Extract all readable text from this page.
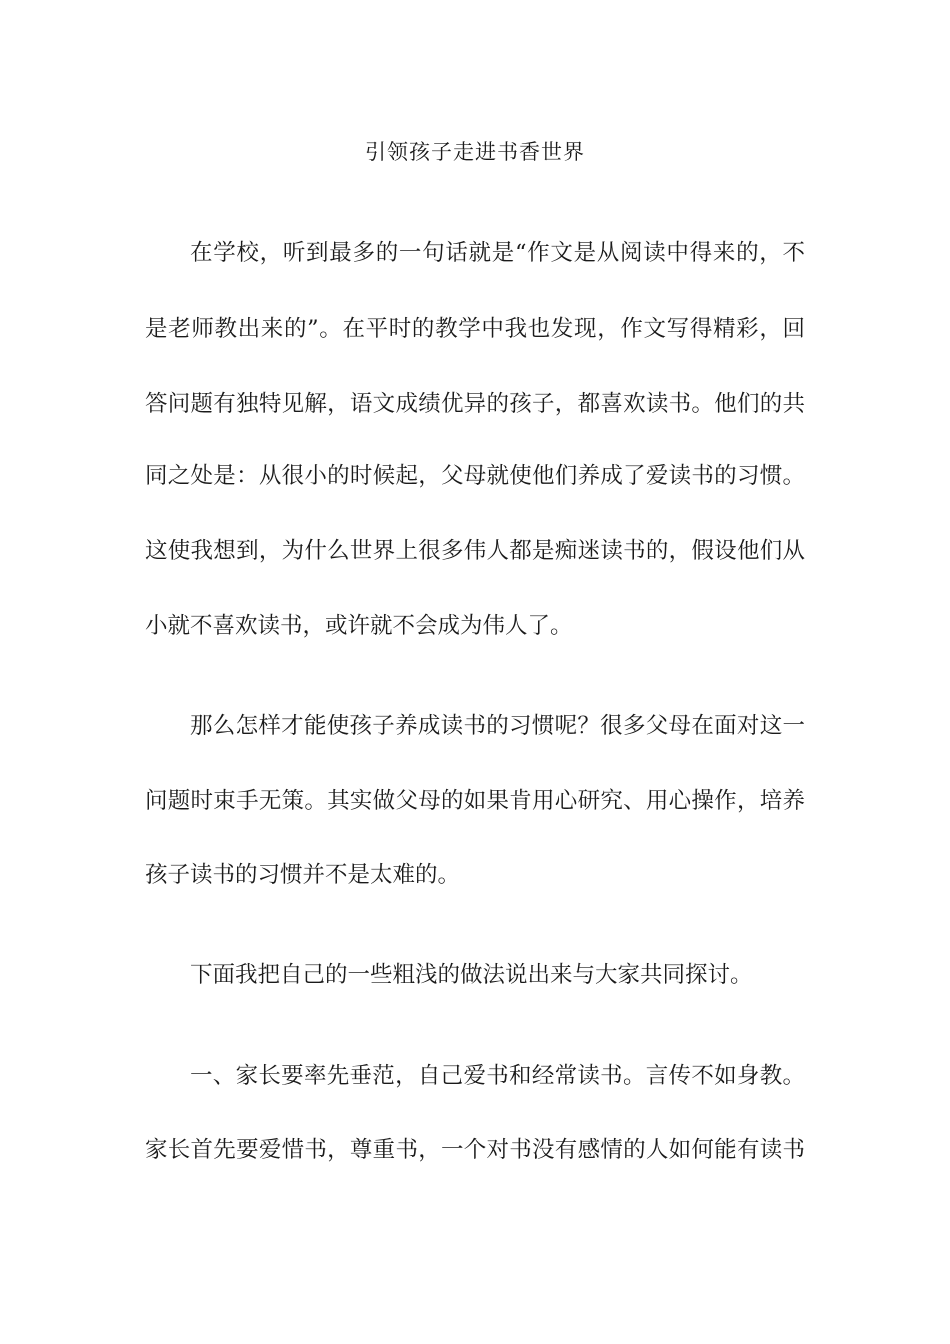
引领孩子走进书香世界
在学校，听到最多的一句话就是“作文是从阅读中得来的，不
是老师教出来的”。在平时的教学中我也发现，作文写得精彩，回
答问题有独特见解，语文成绩优异的孩子，都喜欢读书。他们的共
同之处是：从很小的时候起，父母就使他们养成了爱读书的习惯。
这使我想到，为什么世界上很多伟人都是痴迷读书的，假设他们从
小就不喜欢读书，或许就不会成为伟人了。
那么怎样才能使孩子养成读书的习惯呢？很多父母在面对这一
问题时束手无策。其实做父母的如果肯用心研究、用心操作，培养
孩子读书的习惯并不是太难的。
下面我把自己的一些粗浅的做法说出来与大家共同探讨。
一、家长要率先垂范，自己爱书和经常读书。言传不如身教。
家长首先要爱惜书，尊重书，一个对书没有感情的人如何能有读书
